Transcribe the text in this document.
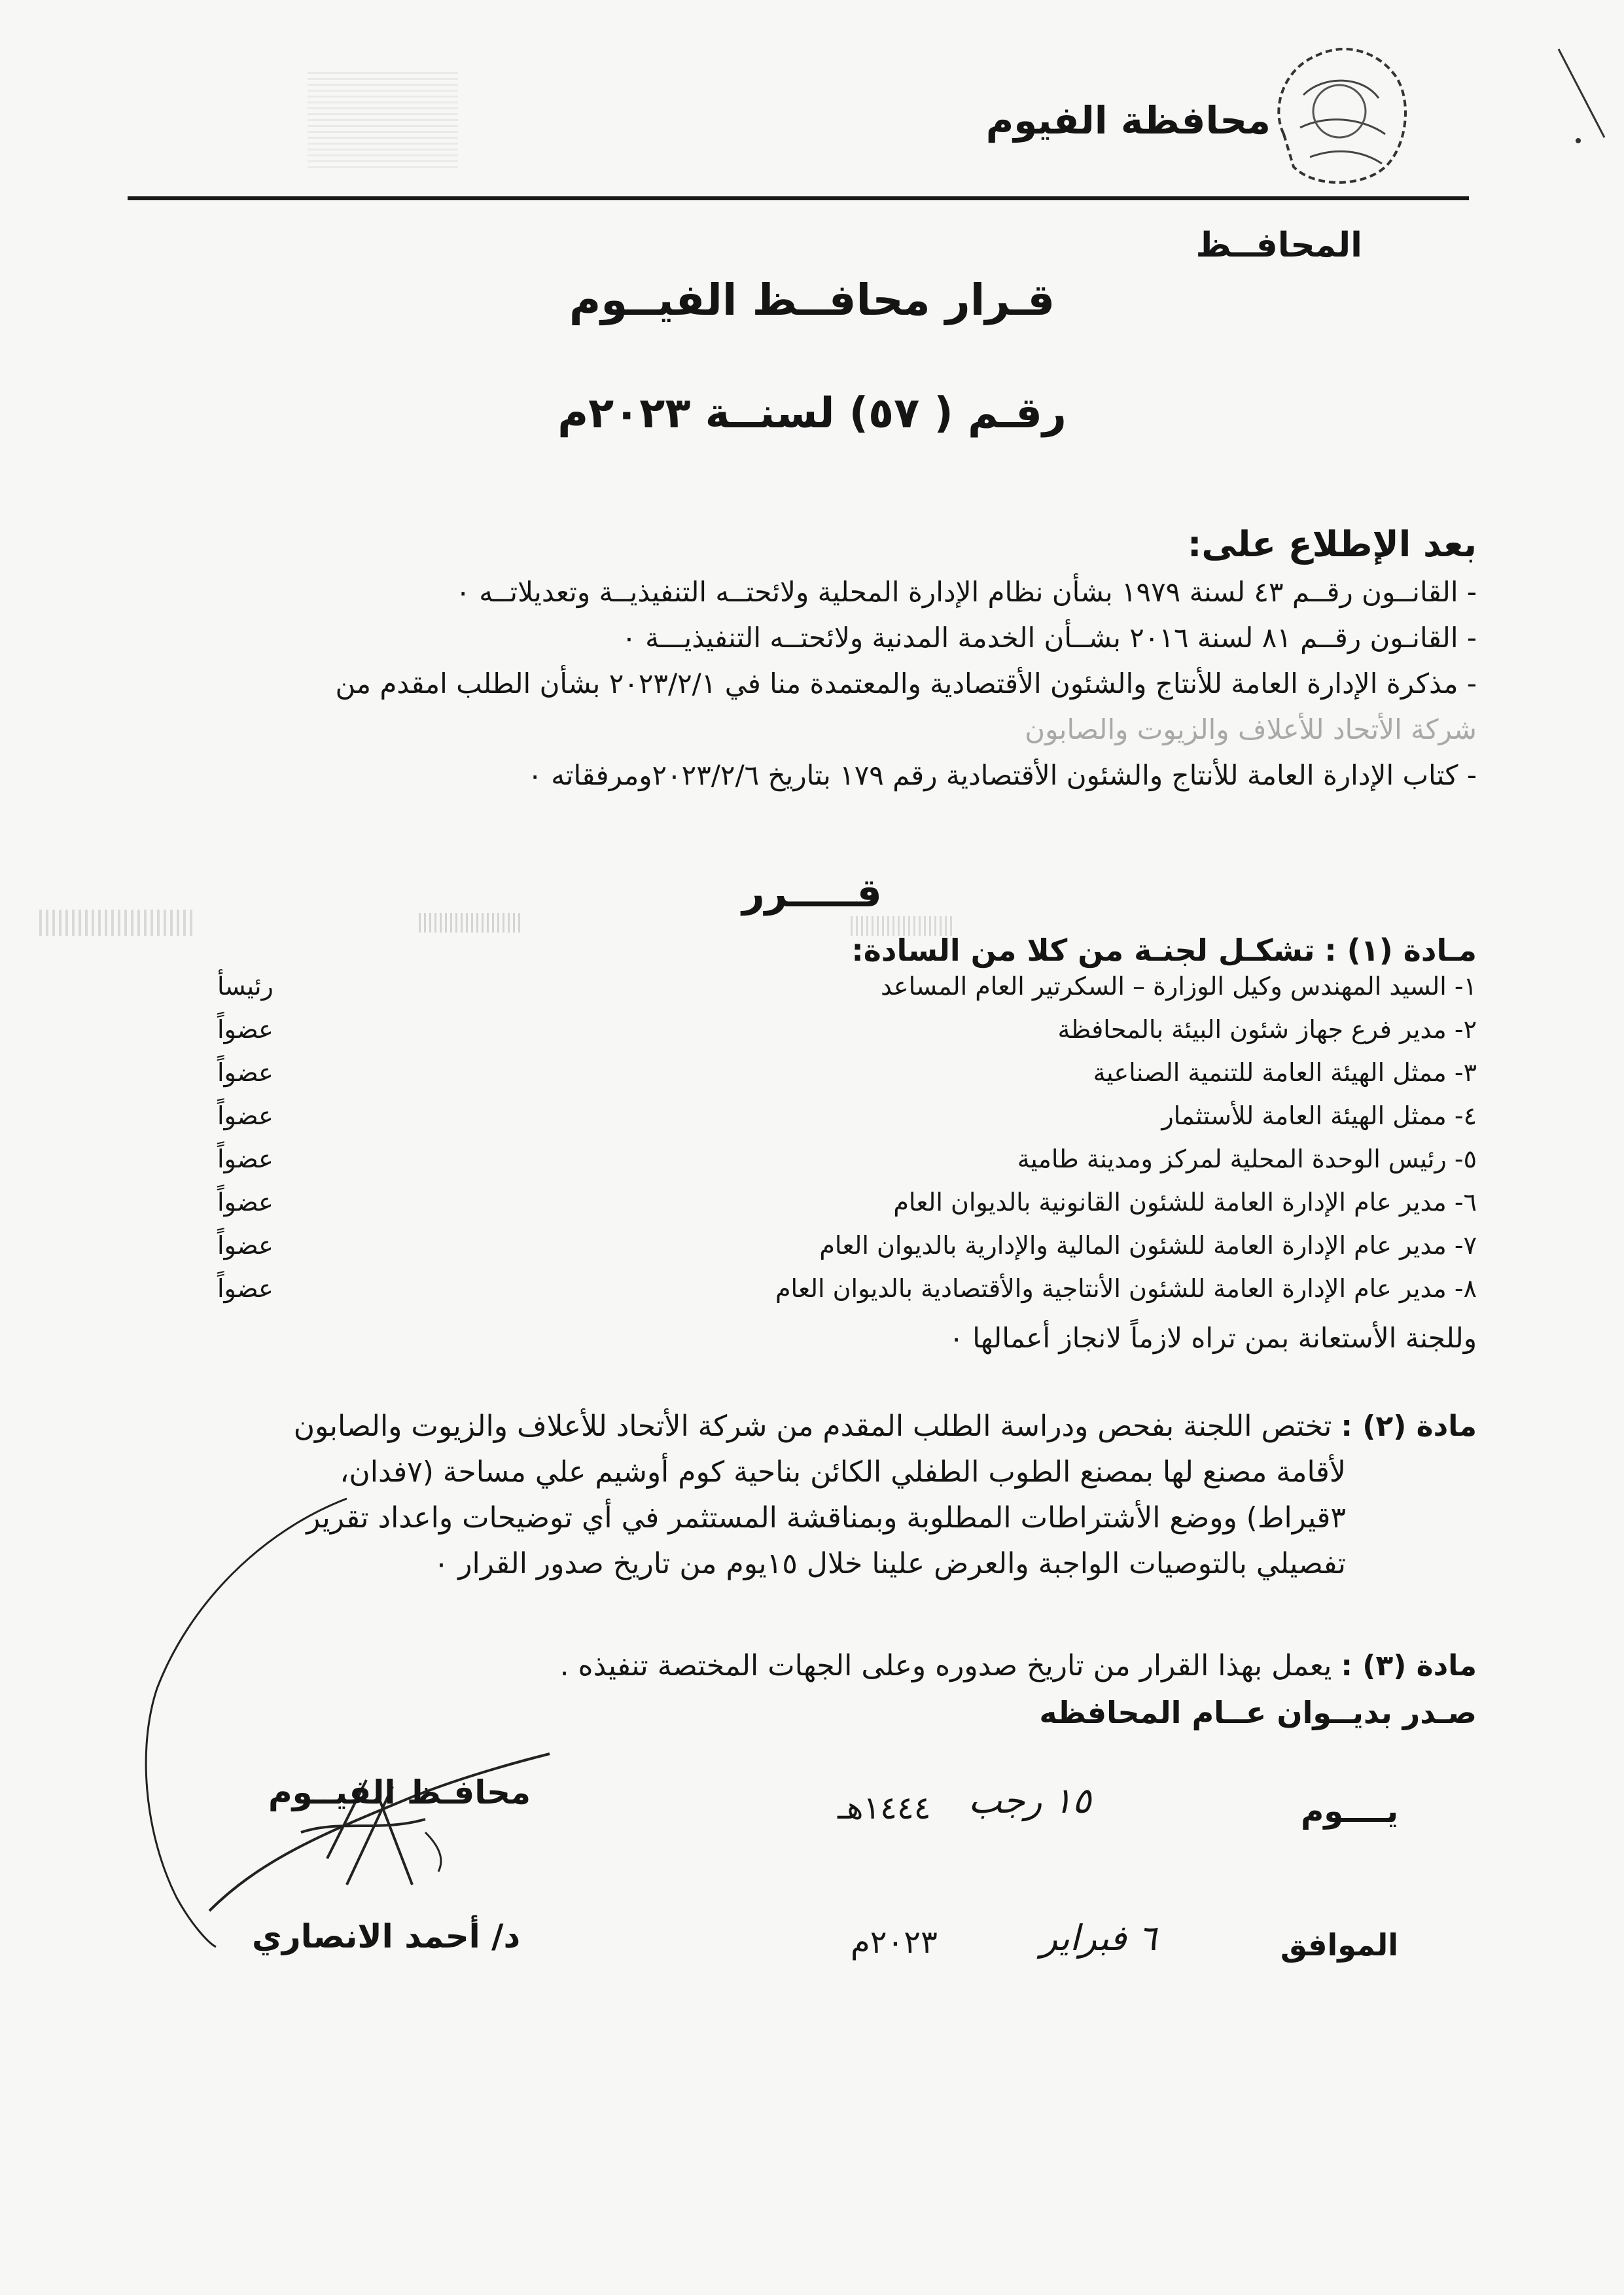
محافظة الفيوم
المحافــظ
قـرار محافــظ الفيــوم
رقـم ( ٥٧) لسنــة ٢٠٢٣م
بعد الإطلاع على:
- القانــون رقــم ٤٣ لسنة ١٩٧٩ بشأن نظام الإدارة المحلية ولائحتــه التنفيذيــة وتعديلاتــه ٠
- القانـون رقــم ٨١ لسنة ٢٠١٦ بشــأن الخدمة المدنية ولائحتــه التنفيذيـــة ٠
- مذكرة الإدارة العامة للأنتاج والشئون الأقتصادية والمعتمدة منا في ٢٠٢٣/٢/١ بشأن الطلب امقدم من
شركة الأتحاد للأعلاف والزيوت والصابون
- كتاب الإدارة العامة للأنتاج والشئون الأقتصادية رقم ١٧٩ بتاريخ ٢٠٢٣/٢/٦ومرفقاته ٠
قـــــرر
مـادة (١) : تشكـل لجنـة من كلا من السادة:
١- السيد المهندس وكيل الوزارة – السكرتير العام المساعد
رئيسأ
٢- مدير فرع جهاز شئون البيئة بالمحافظة
عضواً
٣- ممثل الهيئة العامة للتنمية الصناعية
عضواً
٤- ممثل الهيئة العامة للأستثمار
عضواً
٥- رئيس الوحدة المحلية لمركز ومدينة طامية
عضواً
٦- مدير عام الإدارة العامة للشئون القانونية بالديوان العام
عضواً
٧- مدير عام الإدارة العامة للشئون المالية والإدارية بالديوان العام
عضواً
٨- مدير عام الإدارة العامة للشئون الأنتاجية والأقتصادية بالديوان العام
عضواً
وللجنة الأستعانة بمن تراه لازماً لانجاز أعمالها ٠
مادة (٢) : تختص اللجنة بفحص ودراسة الطلب المقدم من شركة الأتحاد للأعلاف والزيوت والصابون
لأقامة مصنع لها بمصنع الطوب الطفلي الكائن بناحية كوم أوشيم علي مساحة (٧فدان،
٣قيراط) ووضع الأشتراطات المطلوبة وبمناقشة المستثمر في أي توضيحات واعداد تقرير
تفصيلي بالتوصيات الواجبة والعرض علينا خلال ١٥يوم من تاريخ صدور القرار ٠
مادة (٣) : يعمل بهذا القرار من تاريخ صدوره وعلى الجهات المختصة تنفيذه .
صـدر بديــوان عــام المحافظه
محافـظ الفيــوم
د/ أحمد الانصاري
يــــوم
١٥ رجب
١٤٤٤هـ
الموافق
٦ فبراير
٢٠٢٣م
